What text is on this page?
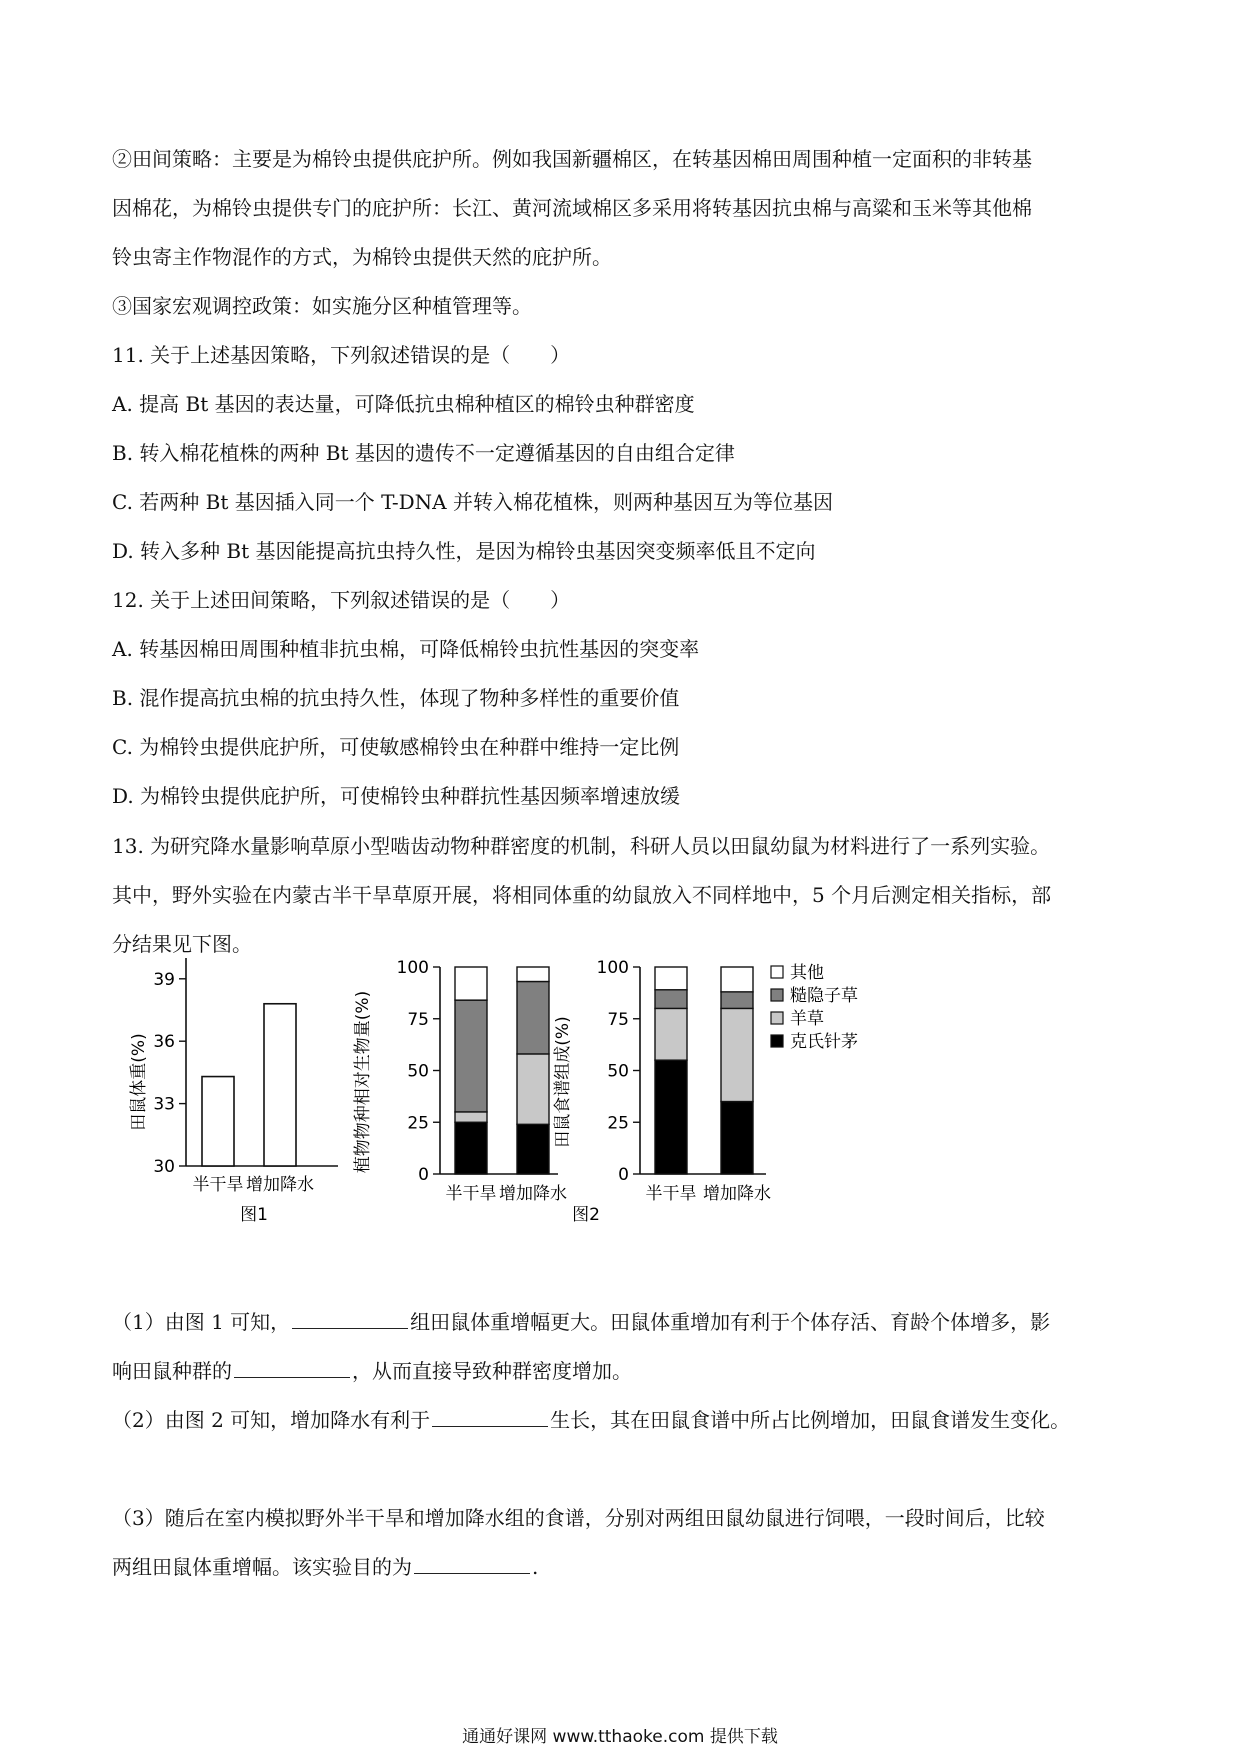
②田间策略：主要是为棉铃虫提供庇护所。例如我国新疆棉区，在转基因棉田周围种植一定面积的非转基
因棉花，为棉铃虫提供专门的庇护所：长江、黄河流域棉区多采用将转基因抗虫棉与高粱和玉米等其他棉
铃虫寄主作物混作的方式，为棉铃虫提供天然的庇护所。
③国家宏观调控政策：如实施分区种植管理等。
11. 关于上述基因策略，下列叙述错误的是（　　）
A. 提高 Bt 基因的表达量，可降低抗虫棉种植区的棉铃虫种群密度
B. 转入棉花植株的两种 Bt 基因的遗传不一定遵循基因的自由组合定律
C. 若两种 Bt 基因插入同一个 T-DNA 并转入棉花植株，则两种基因互为等位基因
D. 转入多种 Bt 基因能提高抗虫持久性，是因为棉铃虫基因突变频率低且不定向
12. 关于上述田间策略，下列叙述错误的是（　　）
A. 转基因棉田周围种植非抗虫棉，可降低棉铃虫抗性基因的突变率
B. 混作提高抗虫棉的抗虫持久性，体现了物种多样性的重要价值
C. 为棉铃虫提供庇护所，可使敏感棉铃虫在种群中维持一定比例
D. 为棉铃虫提供庇护所，可使棉铃虫种群抗性基因频率增速放缓
13. 为研究降水量影响草原小型啮齿动物种群密度的机制，科研人员以田鼠幼鼠为材料进行了一系列实验。
其中，野外实验在内蒙古半干旱草原开展，将相同体重的幼鼠放入不同样地中，5 个月后测定相关指标，部
分结果见下图。
田鼠体重(%)
30
33
36
39
半干旱 增加降水
图1
植物物种相对生物量(%)
0
25
50
75
100
半干旱 增加降水
图2
田鼠食谱组成(%)
0
25
50
75
100
半干旱 增加降水
其他
糙隐子草
羊草
克氏针茅
（1）由图 1 可知，	组田鼠体重增幅更大。田鼠体重增加有利于个体存活、育龄个体增多，影
响田鼠种群的	，从而直接导致种群密度增加。
（2）由图 2 可知，增加降水有利于	生长，其在田鼠食谱中所占比例增加，田鼠食谱发生变化。
（3）随后在室内模拟野外半干旱和增加降水组的食谱，分别对两组田鼠幼鼠进行饲喂，一段时间后，比较
两组田鼠体重增幅。该实验目的为	.
通通好课网 www.tthaoke.com 提供下载
